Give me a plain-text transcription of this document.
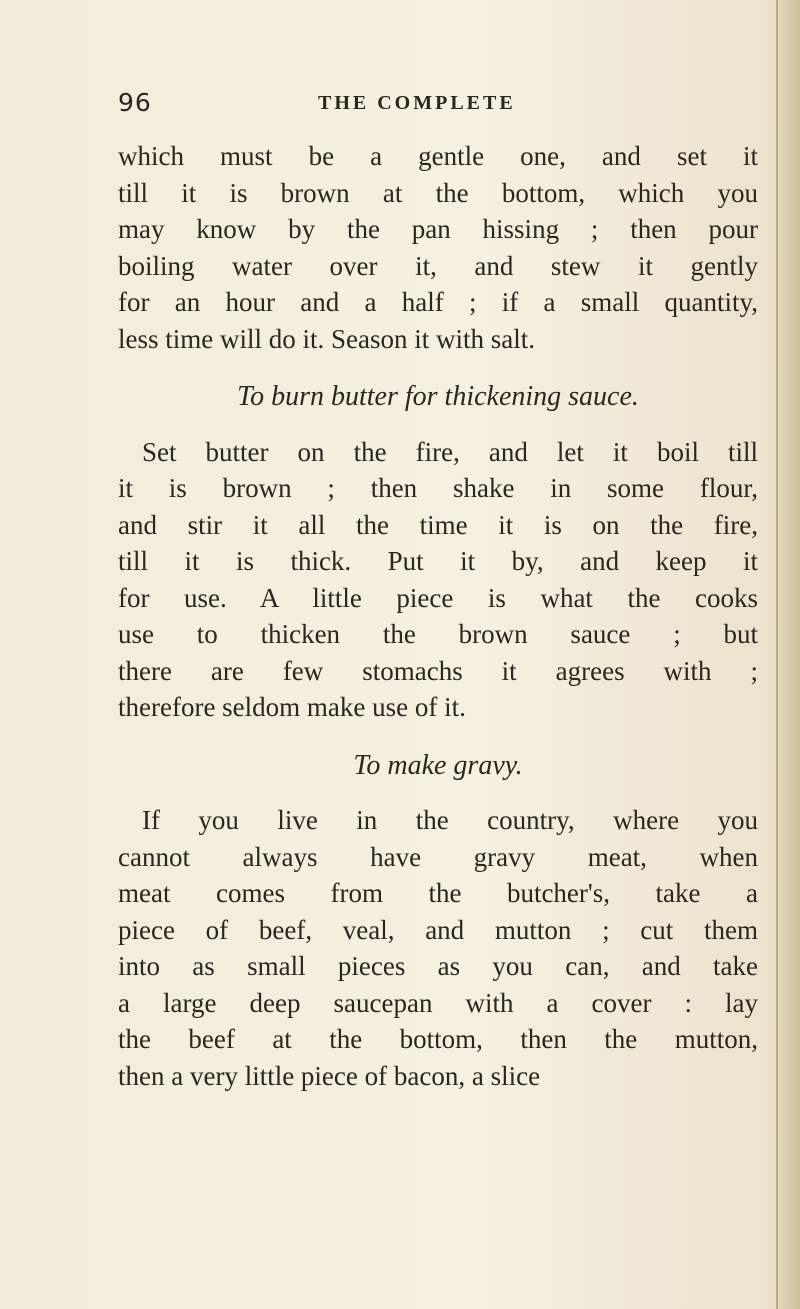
96	THE COMPLETE
which must be a gentle one, and set it
till it is brown at the bottom, which you
may know by the pan hissing ; then pour
boiling water over it, and stew it gently
for an hour and a half ; if a small quantity,
less time will do it. Season it with salt.
To burn butter for thickening sauce.
Set butter on the fire, and let it boil till
it is brown ; then shake in some flour,
and stir it all the time it is on the fire,
till it is thick. Put it by, and keep it
for use. A little piece is what the cooks
use to thicken the brown sauce ; but
there are few stomachs it agrees with ;
therefore seldom make use of it.
To make gravy.
If you live in the country, where you
cannot always have gravy meat, when
meat comes from the butcher's, take a
piece of beef, veal, and mutton ; cut them
into as small pieces as you can, and take
a large deep saucepan with a cover : lay
the beef at the bottom, then the mutton,
then a very little piece of bacon, a slice
